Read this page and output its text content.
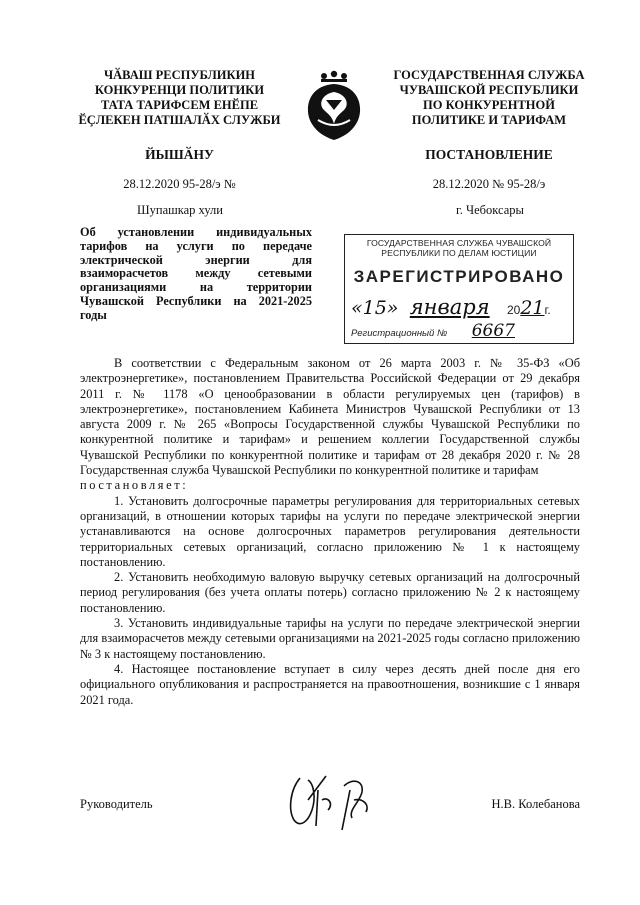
ЧӐВАШ РЕСПУБЛИКИН
КОНКУРЕНЦИ ПОЛИТИКИ
ТАТА ТАРИФСЕМ ЕНӖПЕ
ӖҪЛЕКЕН ПАТШАЛӐХ СЛУЖБИ
ГОСУДАРСТВЕННАЯ СЛУЖБА
ЧУВАШСКОЙ РЕСПУБЛИКИ
ПО КОНКУРЕНТНОЙ
ПОЛИТИКЕ И ТАРИФАМ
ЙЫШӐНУ	ПОСТАНОВЛЕНИЕ
28.12.2020 95-28/э №	28.12.2020 № 95-28/э
Шупашкар хули	г. Чебоксары
Об установлении индивидуальных тарифов на услуги по передаче электрической энергии для взаиморасчетов между сетевыми организациями на территории Чувашской Республики на 2021-2025 годы
ГОСУДАРСТВЕННАЯ СЛУЖБА ЧУВАШСКОЙ
РЕСПУБЛИКИ ПО ДЕЛАМ ЮСТИЦИИ
ЗАРЕГИСТРИРОВАНО
«15» января 2021г.
Регистрационный № 6667

В соответствии с Федеральным законом от 26 марта 2003 г. № 35-ФЗ «Об электроэнергетике», постановлением Правительства Российской Федерации от 29 декабря 2011 г. № 1178 «О ценообразовании в области регулируемых цен (тарифов) в электроэнергетике», постановлением Кабинета Министров Чувашской Республики от 13 августа 2009 г. № 265 «Вопросы Государственной службы Чувашской Республики по конкурентной политике и тарифам» и решением коллегии Государственной службы Чувашской Республики по конкурентной политике и тарифам от 28 декабря 2020 г. № 28 Государственная служба Чувашской Республики по конкурентной политике и тарифам

постановляет:

1. Установить долгосрочные параметры регулирования для территориальных сетевых организаций, в отношении которых тарифы на услуги по передаче электрической энергии устанавливаются на основе долгосрочных параметров регулирования деятельности территориальных сетевых организаций, согласно приложению № 1 к настоящему постановлению.

2. Установить необходимую валовую выручку сетевых организаций на долгосрочный период регулирования (без учета оплаты потерь) согласно приложению № 2 к настоящему постановлению.

3. Установить индивидуальные тарифы на услуги по передаче электрической энергии для взаиморасчетов между сетевыми организациями на 2021-2025 годы согласно приложению № 3 к настоящему постановлению.

4. Настоящее постановление вступает в силу через десять дней после дня его официального опубликования и распространяется на правоотношения, возникшие с 1 января 2021 года.

Руководитель	Н.В. Колебанова
